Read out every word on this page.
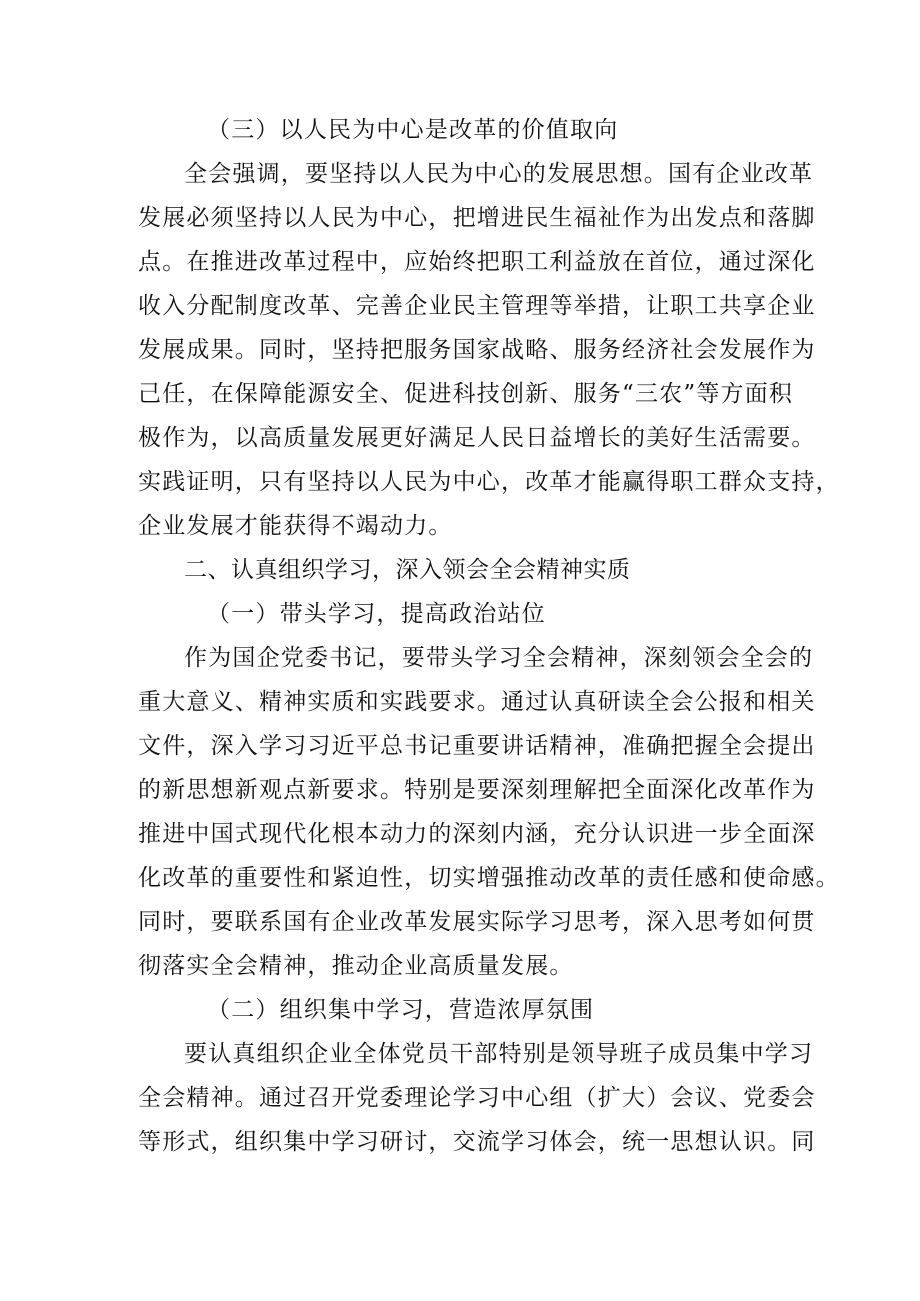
（三）以人民为中心是改革的价值取向
全会强调，要坚持以人民为中心的发展思想。国有企业改革
发展必须坚持以人民为中心，把增进民生福祉作为出发点和落脚
点。在推进改革过程中，应始终把职工利益放在首位，通过深化
收入分配制度改革、完善企业民主管理等举措，让职工共享企业
发展成果。同时，坚持把服务国家战略、服务经济社会发展作为
己任，在保障能源安全、促进科技创新、服务“三农”等方面积
极作为，以高质量发展更好满足人民日益增长的美好生活需要。
实践证明，只有坚持以人民为中心，改革才能赢得职工群众支持，
企业发展才能获得不竭动力。
二、认真组织学习，深入领会全会精神实质
（一）带头学习，提高政治站位
作为国企党委书记，要带头学习全会精神，深刻领会全会的
重大意义、精神实质和实践要求。通过认真研读全会公报和相关
文件，深入学习习近平总书记重要讲话精神，准确把握全会提出
的新思想新观点新要求。特别是要深刻理解把全面深化改革作为
推进中国式现代化根本动力的深刻内涵，充分认识进一步全面深
化改革的重要性和紧迫性，切实增强推动改革的责任感和使命感。
同时，要联系国有企业改革发展实际学习思考，深入思考如何贯
彻落实全会精神，推动企业高质量发展。
（二）组织集中学习，营造浓厚氛围
要认真组织企业全体党员干部特别是领导班子成员集中学习
全会精神。通过召开党委理论学习中心组（扩大）会议、党委会
等形式，组织集中学习研讨，交流学习体会，统一思想认识。同
